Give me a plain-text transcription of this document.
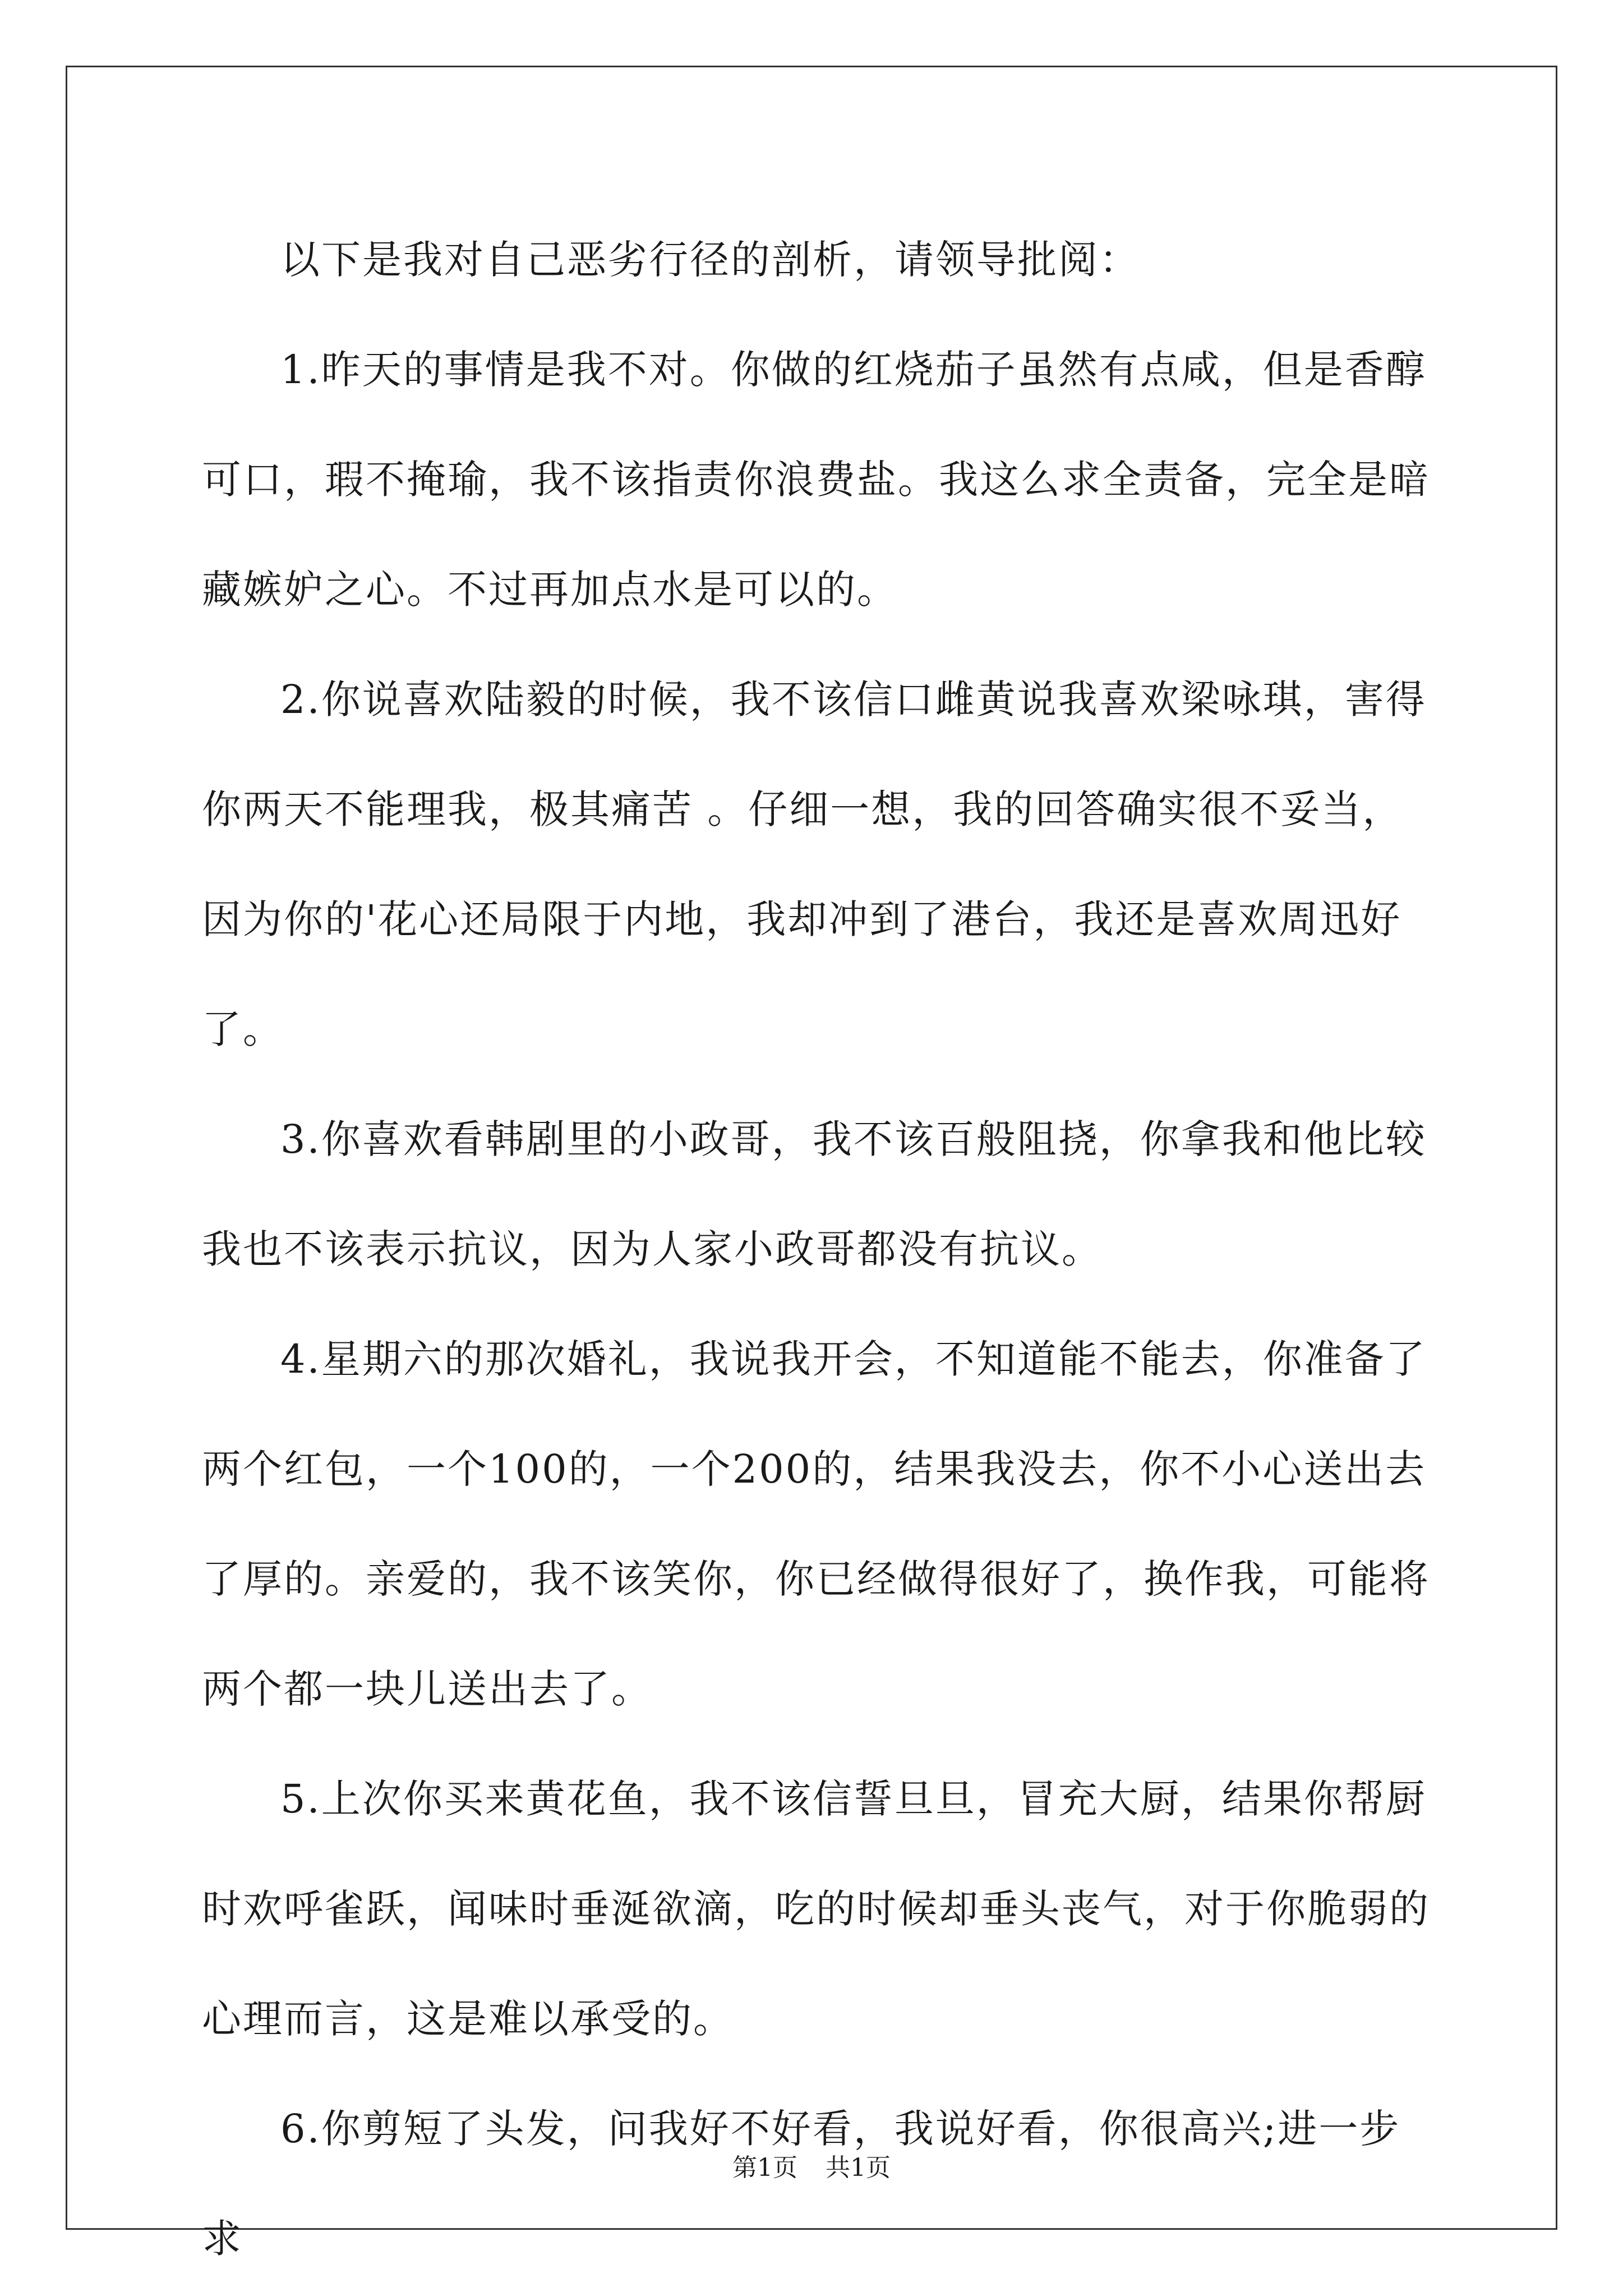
以下是我对自己恶劣行径的剖析，请领导批阅：

1.昨天的事情是我不对。你做的红烧茄子虽然有点咸，但是香醇可口，瑕不掩瑜，我不该指责你浪费盐。我这么求全责备，完全是暗藏嫉妒之心。不过再加点水是可以的。

2.你说喜欢陆毅的时候，我不该信口雌黄说我喜欢梁咏琪，害得你两天不能理我，极其痛苦 。仔细一想，我的回答确实很不妥当，因为你的'花心还局限于内地，我却冲到了港台，我还是喜欢周迅好了。

3.你喜欢看韩剧里的小政哥，我不该百般阻挠，你拿我和他比较我也不该表示抗议，因为人家小政哥都没有抗议。

4.星期六的那次婚礼，我说我开会，不知道能不能去，你准备了两个红包，一个100的，一个200的，结果我没去，你不小心送出去了厚的。亲爱的，我不该笑你，你已经做得很好了，换作我，可能将两个都一块儿送出去了。

5.上次你买来黄花鱼，我不该信誓旦旦，冒充大厨，结果你帮厨时欢呼雀跃，闻味时垂涎欲滴，吃的时候却垂头丧气，对于你脆弱的心理而言，这是难以承受的。

6.你剪短了头发，问我好不好看，我说好看，你很高兴;进一步求

第1页 共1页
